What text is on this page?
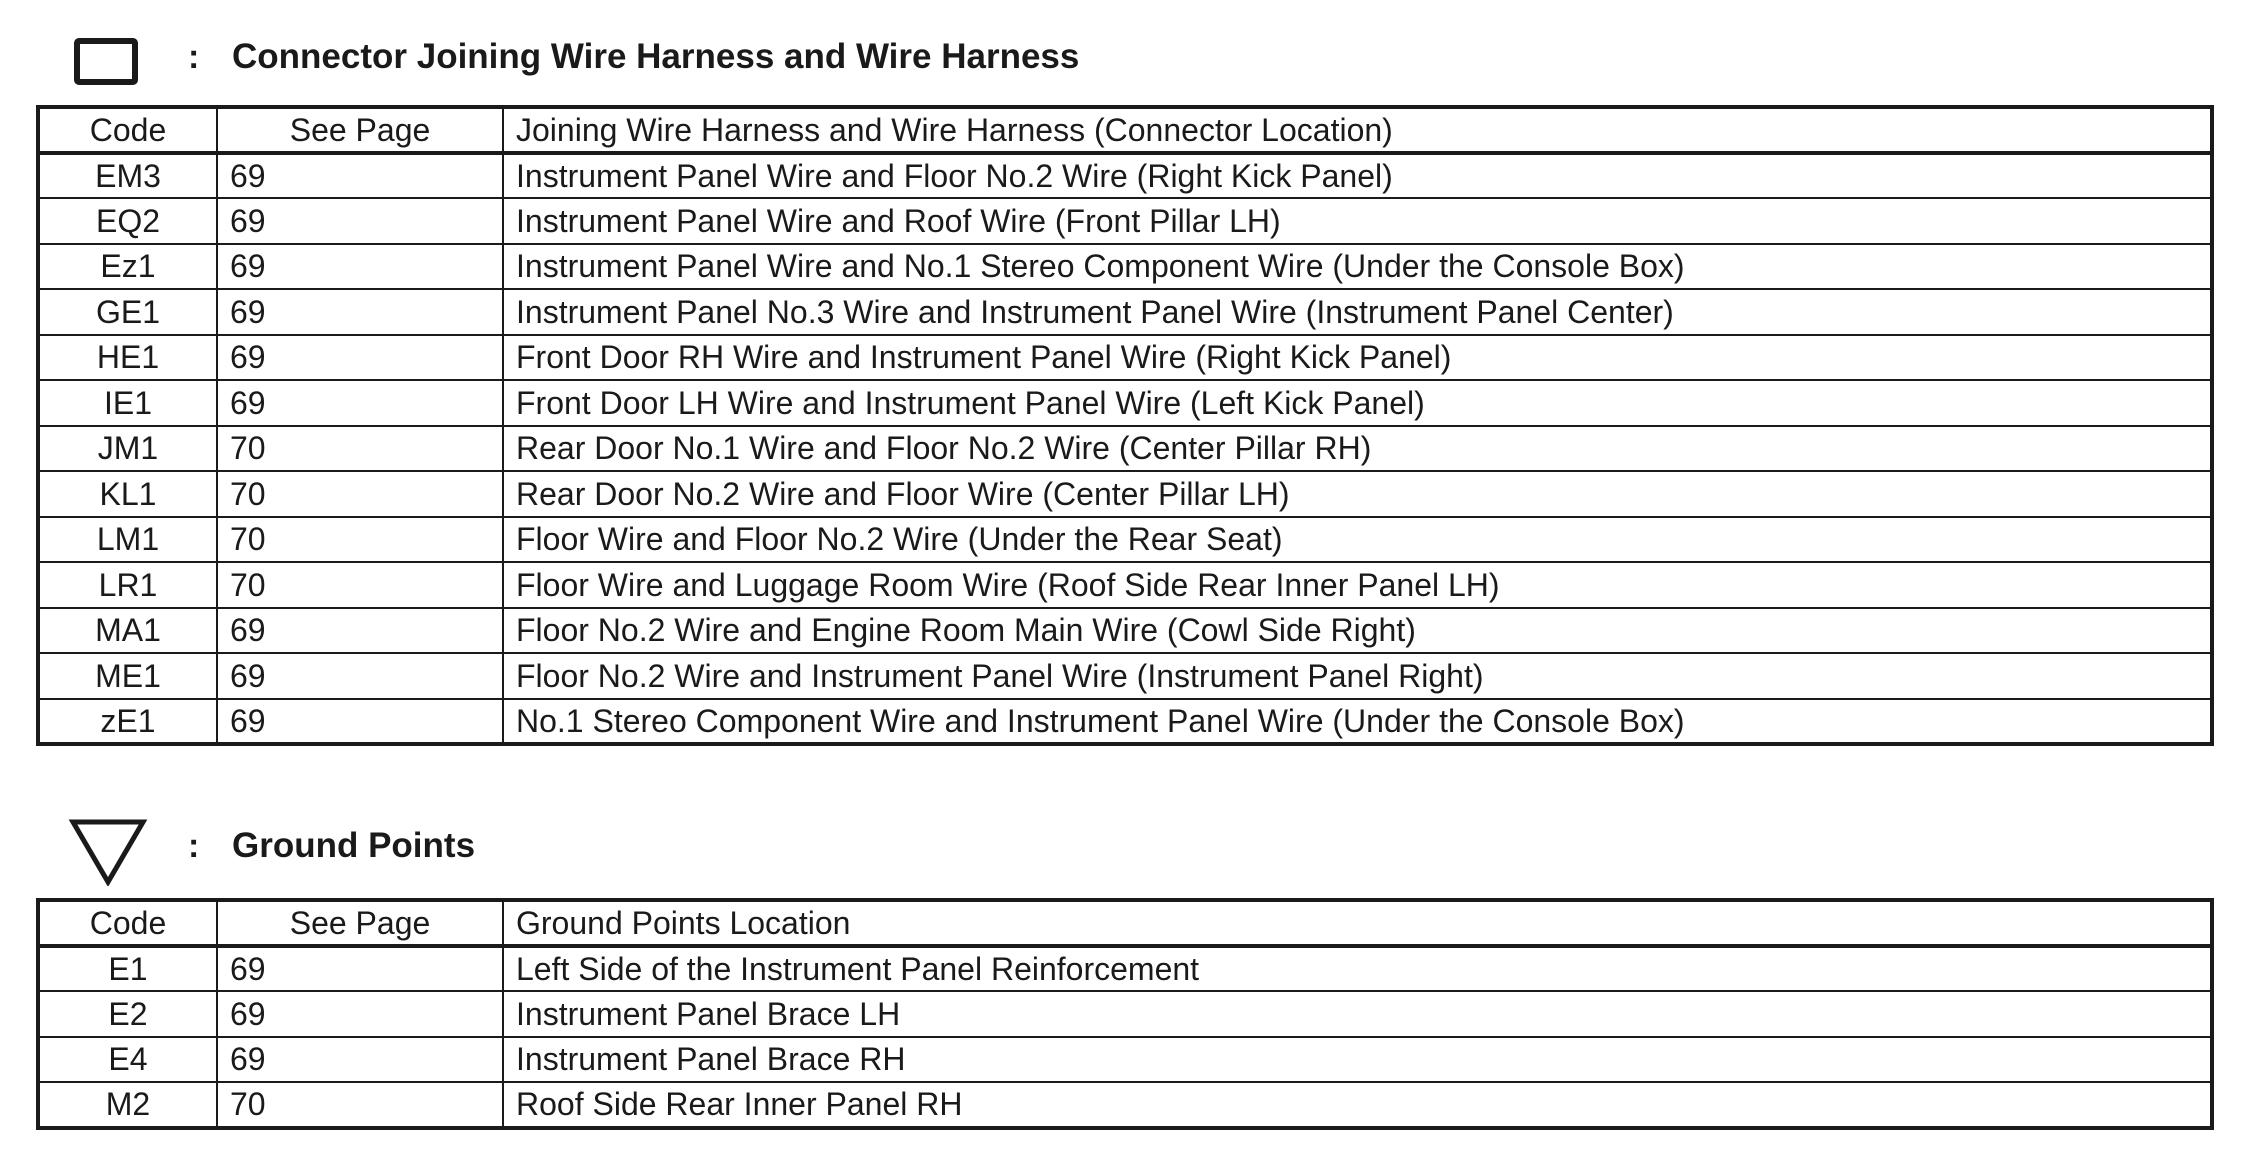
: Connector Joining Wire Harness and Wire Harness
Code	See Page	Joining Wire Harness and Wire Harness (Connector Location)
EM3	69	Instrument Panel Wire and Floor No.2 Wire (Right Kick Panel)
EQ2	69	Instrument Panel Wire and Roof Wire (Front Pillar LH)
Ez1	69	Instrument Panel Wire and No.1 Stereo Component Wire (Under the Console Box)
GE1	69	Instrument Panel No.3 Wire and Instrument Panel Wire (Instrument Panel Center)
HE1	69	Front Door RH Wire and Instrument Panel Wire (Right Kick Panel)
IE1	69	Front Door LH Wire and Instrument Panel Wire (Left Kick Panel)
JM1	70	Rear Door No.1 Wire and Floor No.2 Wire (Center Pillar RH)
KL1	70	Rear Door No.2 Wire and Floor Wire (Center Pillar LH)
LM1	70	Floor Wire and Floor No.2 Wire (Under the Rear Seat)
LR1	70	Floor Wire and Luggage Room Wire (Roof Side Rear Inner Panel LH)
MA1	69	Floor No.2 Wire and Engine Room Main Wire (Cowl Side Right)
ME1	69	Floor No.2 Wire and Instrument Panel Wire (Instrument Panel Right)
zE1	69	No.1 Stereo Component Wire and Instrument Panel Wire (Under the Console Box)
: Ground Points
Code	See Page	Ground Points Location
E1	69	Left Side of the Instrument Panel Reinforcement
E2	69	Instrument Panel Brace LH
E4	69	Instrument Panel Brace RH
M2	70	Roof Side Rear Inner Panel RH
